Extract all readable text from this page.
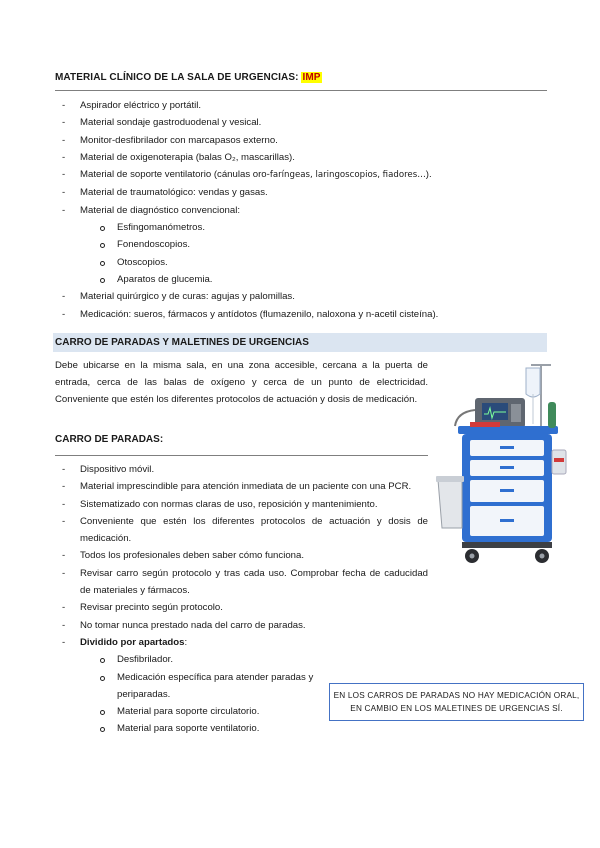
MATERIAL CLÍNICO DE LA SALA DE URGENCIAS: IMP
- Aspirador eléctrico y portátil.
- Material sondaje gastroduodenal y vesical.
- Monitor-desfibrilador con marcapasos externo.
- Material de oxigenoterapia (balas O₂, mascarillas).
- Material de soporte ventilatorio (cánulas oro-faríngeas, laringoscopios, fiadores…).
- Material de traumatológico: vendas y gasas.
- Material de diagnóstico convencional:
Esfingomanómetros.
Fonendoscopios.
Otoscopios.
Aparatos de glucemia.
- Material quirúrgico y de curas: agujas y palomillas.
- Medicación: sueros, fármacos y antídotos (flumazenilo, naloxona y n-acetil cisteína).
CARRO DE PARADAS Y MALETINES DE URGENCIAS
Debe ubicarse en la misma sala, en una zona accesible, cercana a la puerta de entrada, cerca de las balas de oxígeno y cerca de un punto de electricidad. Conveniente que estén los diferentes protocolos de actuación y dosis de medicación.
CARRO DE PARADAS:
- Dispositivo móvil.
- Material imprescindible para atención inmediata de un paciente con una PCR.
- Sistematizado con normas claras de uso, reposición y mantenimiento.
- Conveniente que estén los diferentes protocolos de actuación y dosis de medicación.
- Todos los profesionales deben saber cómo funciona.
- Revisar carro según protocolo y tras cada uso. Comprobar fecha de caducidad de materiales y fármacos.
- Revisar precinto según protocolo.
- No tomar nunca prestado nada del carro de paradas.
- Dividido por apartados:
Desfibrilador.
Medicación específica para atender paradas y periparadas.
Material para soporte circulatorio.
Material para soporte ventilatorio.
EN LOS CARROS DE PARADAS NO HAY MEDICACIÓN ORAL, EN CAMBIO EN LOS MALETINES DE URGENCIAS SÍ.
